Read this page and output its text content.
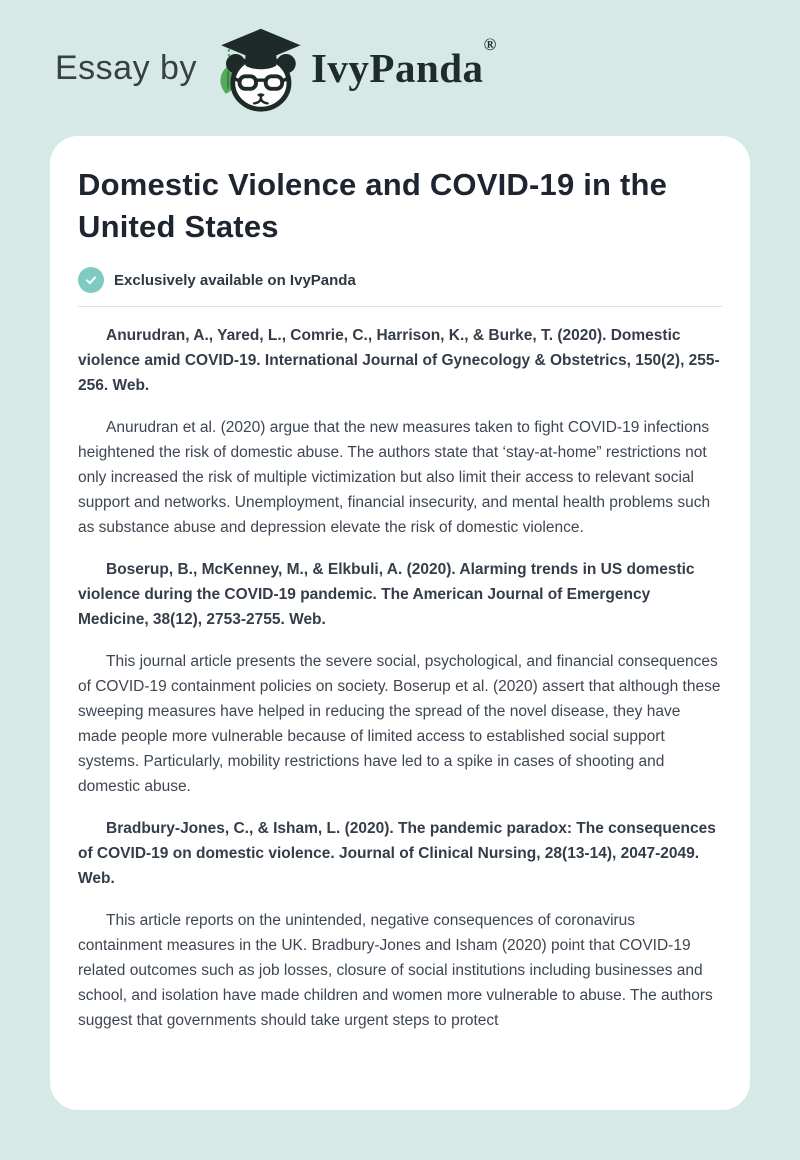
Essay by	IvyPanda
®
Domestic Violence and COVID-19 in the United States
Exclusively available on IvyPanda

Anurudran, A., Yared, L., Comrie, C., Harrison, K., & Burke, T. (2020). Domestic violence amid COVID-19. International Journal of Gynecology & Obstetrics, 150(2), 255-256. Web.

Anurudran et al. (2020) argue that the new measures taken to fight COVID-19 infections heightened the risk of domestic abuse. The authors state that ‘stay-at-home” restrictions not only increased the risk of multiple victimization but also limit their access to relevant social support and networks. Unemployment, financial insecurity, and mental health problems such as substance abuse and depression elevate the risk of domestic violence.

Boserup, B., McKenney, M., & Elkbuli, A. (2020). Alarming trends in US domestic violence during the COVID-19 pandemic. The American Journal of Emergency Medicine, 38(12), 2753-2755. Web.

This journal article presents the severe social, psychological, and financial consequences of COVID-19 containment policies on society. Boserup et al. (2020) assert that although these sweeping measures have helped in reducing the spread of the novel disease, they have made people more vulnerable because of limited access to established social support systems. Particularly, mobility restrictions have led to a spike in cases of shooting and domestic abuse.

Bradbury-Jones, C., & Isham, L. (2020). The pandemic paradox: The consequences of COVID-19 on domestic violence. Journal of Clinical Nursing, 28(13-14), 2047-2049. Web.

This article reports on the unintended, negative consequences of coronavirus containment measures in the UK. Bradbury-Jones and Isham (2020) point that COVID-19 related outcomes such as job losses, closure of social institutions including businesses and school, and isolation have made children and women more vulnerable to abuse. The authors suggest that governments should take urgent steps to protect
